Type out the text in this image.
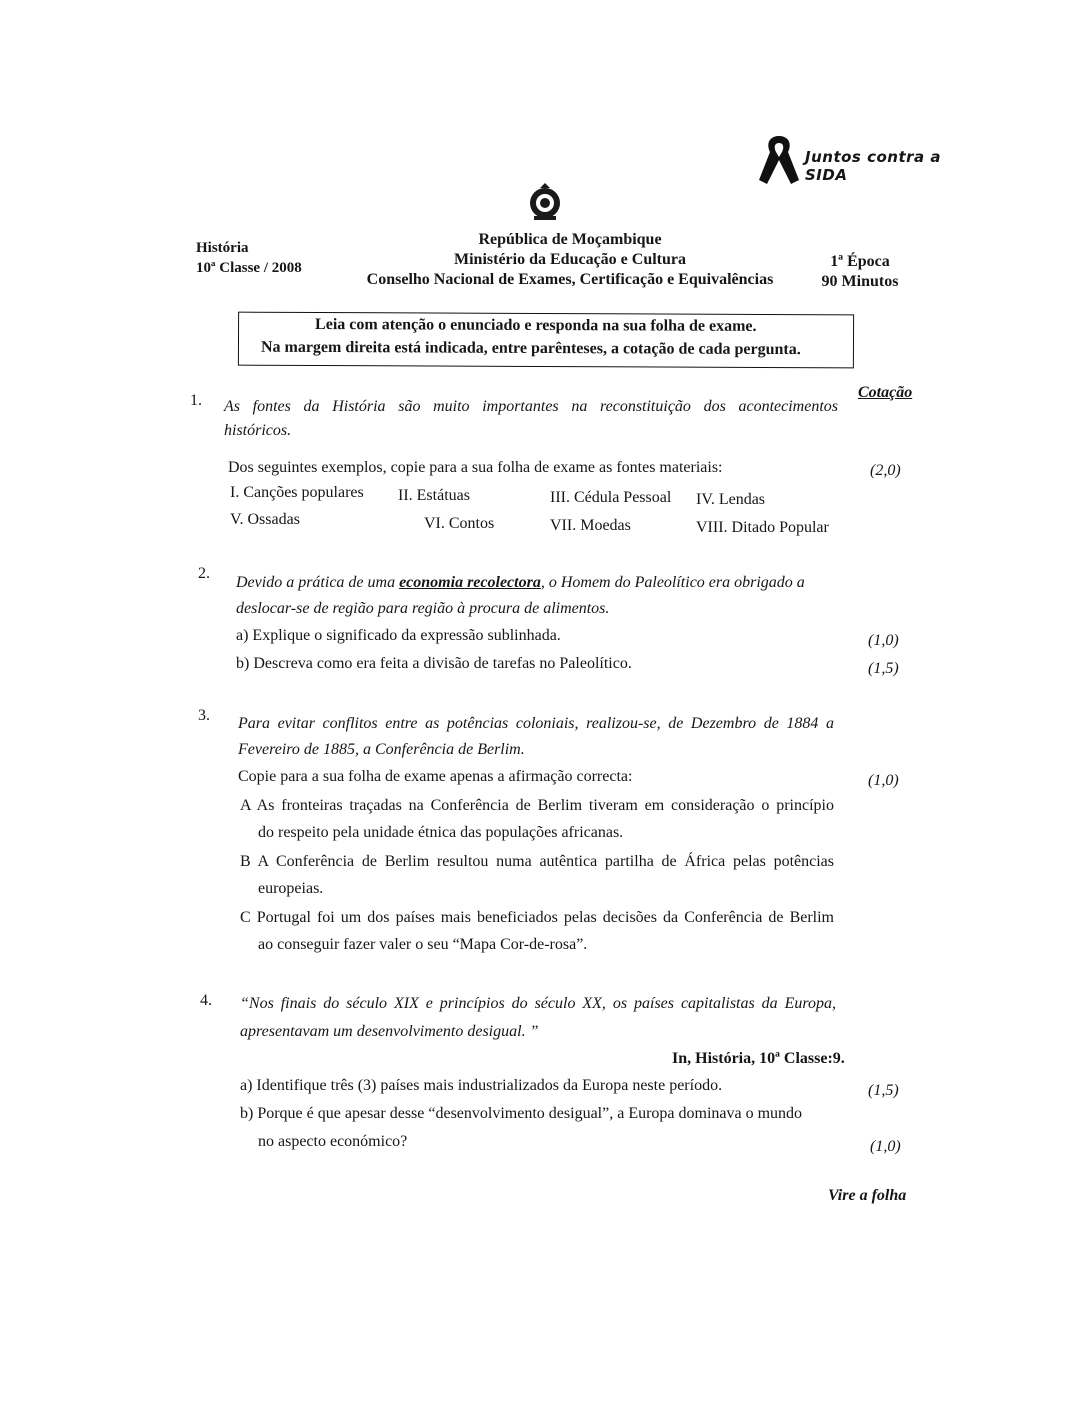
Juntos contra a SIDA
História
10ª Classe / 2008
República de Moçambique
Ministério da Educação e Cultura
Conselho Nacional de Exames, Certificação e Equivalências
1ª Época
90 Minutos
Leia com atenção o enunciado e responda na sua folha de exame.
Na margem direita está indicada, entre parênteses, a cotação de cada pergunta.
Cotação
1. As fontes da História são muito importantes na reconstituição dos acontecimentos
históricos.
Dos seguintes exemplos, copie para a sua folha de exame as fontes materiais:	(2,0)
I. Canções populares II. Estátuas	III. Cédula Pessoal IV. Lendas
V. Ossadas	VI. Contos	VII. Moedas	VIII. Ditado Popular
2.
Devido a prática de uma economia recolectora, o Homem do Paleolítico era obrigado a
deslocar-se de região para região à procura de alimentos.
a) Explique o significado da expressão sublinhada.	(1,0)
b) Descreva como era feita a divisão de tarefas no Paleolítico.	(1,5)
3. Para evitar conflitos entre as potências coloniais, realizou-se, de Dezembro de 1884 a
Fevereiro de 1885, a Conferência de Berlim.
Copie para a sua folha de exame apenas a afirmação correcta:	(1,0)
A As fronteiras traçadas na Conferência de Berlim tiveram em consideração o princípio
do respeito pela unidade étnica das populações africanas.
B A Conferência de Berlim resultou numa autêntica partilha de África pelas potências
europeias.
C Portugal foi um dos países mais beneficiados pelas decisões da Conferência de Berlim
ao conseguir fazer valer o seu “Mapa Cor-de-rosa”.
4. “Nos finais do século XIX e princípios do século XX, os países capitalistas da Europa,
apresentavam um desenvolvimento desigual. ”
In, História, 10ª Classe:9.
a) Identifique três (3) países mais industrializados da Europa neste período.	(1,5)
b) Porque é que apesar desse “desenvolvimento desigual”, a Europa dominava o mundo
no aspecto económico?	(1,0)
Vire a folha
